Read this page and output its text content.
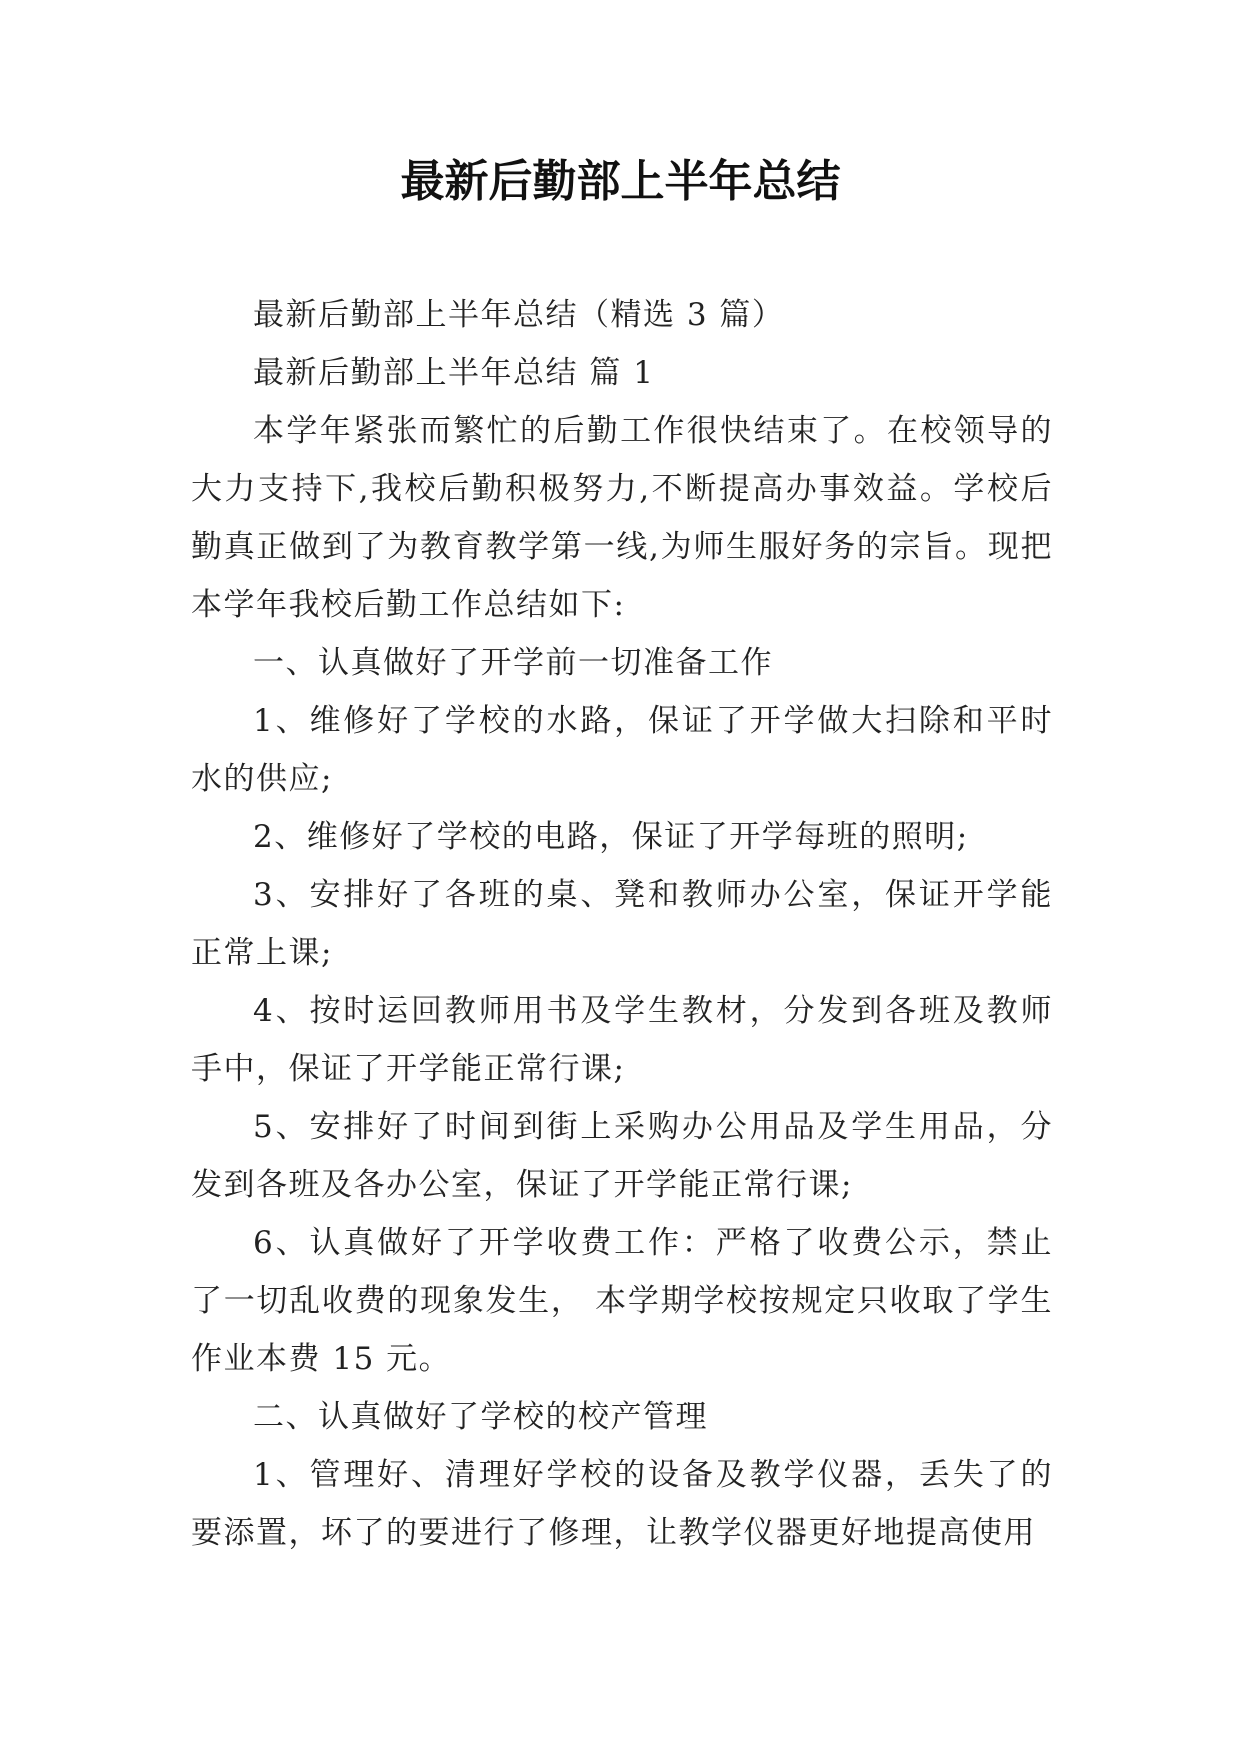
最新后勤部上半年总结

最新后勤部上半年总结（精选 3 篇）

最新后勤部上半年总结 篇 1

本学年紧张而繁忙的后勤工作很快结束了。在校领导的大力支持下,我校后勤积极努力,不断提高办事效益。学校后勤真正做到了为教育教学第一线,为师生服好务的宗旨。现把本学年我校后勤工作总结如下:

一、认真做好了开学前一切准备工作

1、维修好了学校的水路，保证了开学做大扫除和平时水的供应;

2、维修好了学校的电路，保证了开学每班的照明;

3、安排好了各班的桌、凳和教师办公室，保证开学能正常上课;

4、按时运回教师用书及学生教材，分发到各班及教师手中，保证了开学能正常行课;

5、安排好了时间到街上采购办公用品及学生用品，分发到各班及各办公室，保证了开学能正常行课;

6、认真做好了开学收费工作：严格了收费公示，禁止了一切乱收费的现象发生， 本学期学校按规定只收取了学生作业本费 15 元。

二、认真做好了学校的校产管理

1、管理好、清理好学校的设备及教学仪器，丢失了的要添置，坏了的要进行了修理，让教学仪器更好地提高使用
